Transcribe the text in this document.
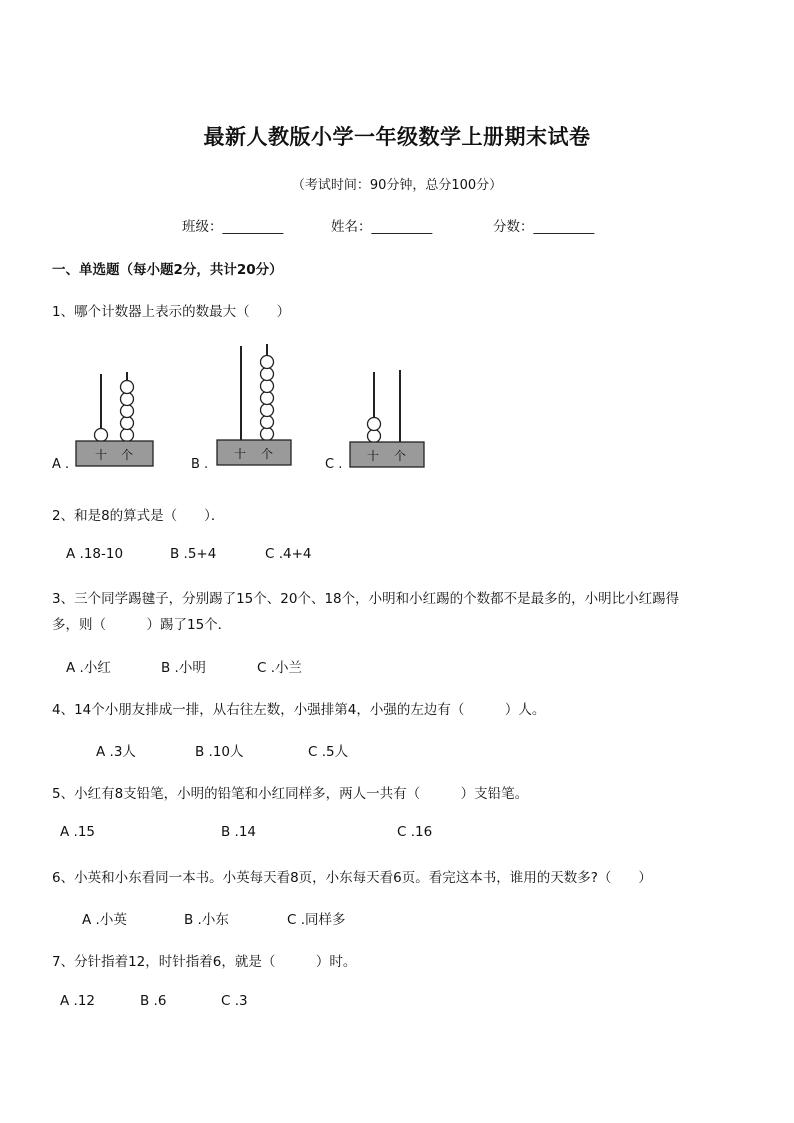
最新人教版小学一年级数学上册期末试卷
（考试时间：90分钟，总分100分）
班级：_________	姓名：_________	分数：_________
一、单选题（每小题2分，共计20分）
1、哪个计数器上表示的数最大（　　）
A .
十 个
B .
十 个
C .
十 个
2、和是8的算式是（　　）．
A .18-10	B .5+4	C .4+4
3、三个同学踢毽子，分别踢了15个、20个、18个，小明和小红踢的个数都不是最多的，小明比小红踢得
多，则（　　　）踢了15个．
A .小红	B .小明	C .小兰
4、14个小朋友排成一排，从右往左数，小强排第4，小强的左边有（　　　）人。
A .3人	B .10人	C .5人
5、小红有8支铅笔，小明的铅笔和小红同样多，两人一共有（　　　）支铅笔。
A .15	B .14	C .16
6、小英和小东看同一本书。小英每天看8页，小东每天看6页。看完这本书，谁用的天数多?（　　）
A .小英	B .小东	C .同样多
7、分针指着12，时针指着6，就是（　　　）时。
A .12	B .6	C .3
